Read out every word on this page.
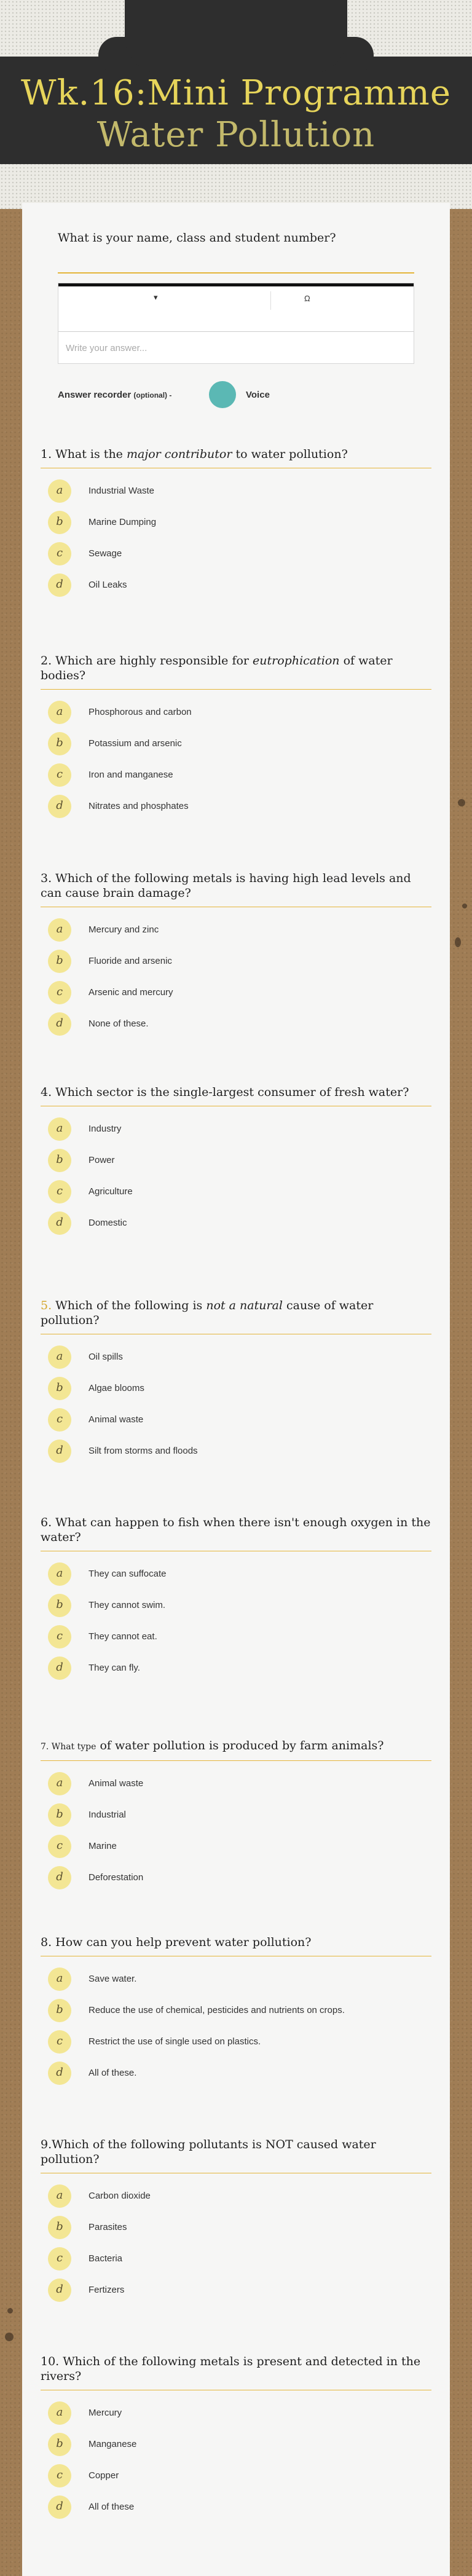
Wk.16:Mini Programme
Water Pollution
What is your name, class and student number?
▾	Ω
Write your answer...
Answer recorder (optional) -	Voice
1. What is the major contributor to water pollution?
a	Industrial Waste
b	Marine Dumping
c	Sewage
d	Oil Leaks
2. Which are highly responsible for eutrophication of water bodies?
a	Phosphorous and carbon
b	Potassium and arsenic
c	Iron and manganese
d	Nitrates and phosphates
3. Which of the following metals is having high lead levels and can cause brain damage?
a	Mercury and zinc
b	Fluoride and arsenic
c	Arsenic and mercury
d	None of these.
4. Which sector is the single-largest consumer of fresh water?
a	Industry
b	Power
c	Agriculture
d	Domestic
5. Which of the following is not a natural cause of water pollution?
a	Oil spills
b	Algae blooms
c	Animal waste
d	Silt from storms and floods
6. What can happen to fish when there isn't enough oxygen in the water?
a	They can suffocate
b	They cannot swim.
c	They cannot eat.
d	They can fly.
7. What type of water pollution is produced by farm animals?
a	Animal waste
b	Industrial
c	Marine
d	Deforestation
8. How can you help prevent water pollution?
a	Save water.
b	Reduce the use of chemical, pesticides and nutrients on crops.
c	Restrict the use of single used on plastics.
d	All of these.
9.Which of the following pollutants is NOT caused water pollution?
a	Carbon dioxide
b	Parasites
c	Bacteria
d	Fertizers
10. Which of the following metals is present and detected in the rivers?
a	Mercury
b	Manganese
c	Copper
d	All of these
